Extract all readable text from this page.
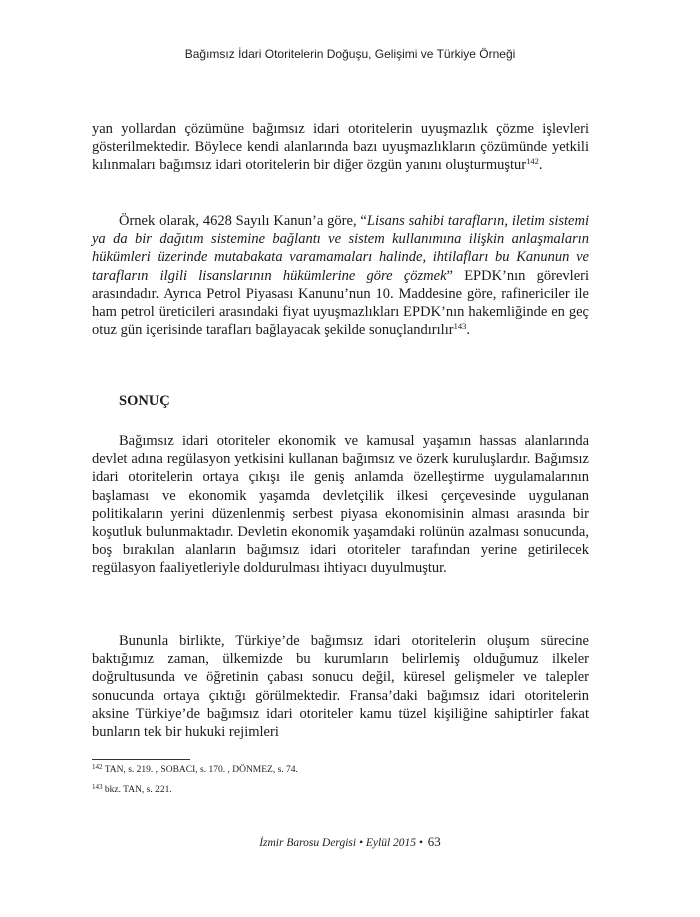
Bağımsız İdari Otoritelerin Doğuşu, Gelişimi ve Türkiye Örneği

yan yollardan çözümüne bağımsız idari otoritelerin uyuşmazlık çözme işlevleri gösterilmektedir. Böylece kendi alanlarında bazı uyuşmazlıkların çözümünde yetkili kılınmaları bağımsız idari otoritelerin bir diğer özgün yanını oluşturmuştur$^{142}$.

Örnek olarak, 4628 Sayılı Kanun’a göre, “Lisans sahibi tarafların, iletim sistemi ya da bir dağıtım sistemine bağlantı ve sistem kullanımına ilişkin anlaşmaların hükümleri üzerinde mutabakata varamamaları halinde, ihtilafları bu Kanunun ve tarafların ilgili lisanslarının hükümlerine göre çözmek” EPDK’nın görevleri arasındadır. Ayrıca Petrol Piyasası Kanunu’nun 10. Maddesine göre, rafinericiler ile ham petrol üreticileri arasındaki fiyat uyuşmazlıkları EPDK’nın hakemliğinde en geç otuz gün içerisinde tarafları bağlayacak şekilde sonuçlandırılır$^{143}$.

SONUÇ

Bağımsız idari otoriteler ekonomik ve kamusal yaşamın hassas alanlarında devlet adına regülasyon yetkisini kullanan bağımsız ve özerk kuruluşlardır. Bağımsız idari otoritelerin ortaya çıkışı ile geniş anlamda özelleştirme uygulamalarının başlaması ve ekonomik yaşamda devletçilik ilkesi çerçevesinde uygulanan politikaların yerini düzenlenmiş serbest piyasa ekonomisinin alması arasında bir koşutluk bulunmaktadır. Devletin ekonomik yaşamdaki rolünün azalması sonucunda, boş bırakılan alanların bağımsız idari otoriteler tarafından yerine getirilecek regülasyon faaliyetleriyle doldurulması ihtiyacı duyulmuştur.

Bununla birlikte, Türkiye’de bağımsız idari otoritelerin oluşum sürecine baktığımız zaman, ülkemizde bu kurumların belirlemiş olduğumuz ilkeler doğrultusunda ve öğretinin çabası sonucu değil, küresel gelişmeler ve talepler sonucunda ortaya çıktığı görülmektedir. Fransa’daki bağımsız idari otoritelerin aksine Türkiye’de bağımsız idari otoriteler kamu tüzel kişiliğine sahiptirler fakat bunların tek bir hukuki rejimleri

$^{142}$ TAN, s. 219. , SOBACI, s. 170. , DÖNMEZ, s. 74.
$^{143}$ bkz. TAN, s. 221.
İzmir Barosu Dergisi • Eylül 2015 • 63
